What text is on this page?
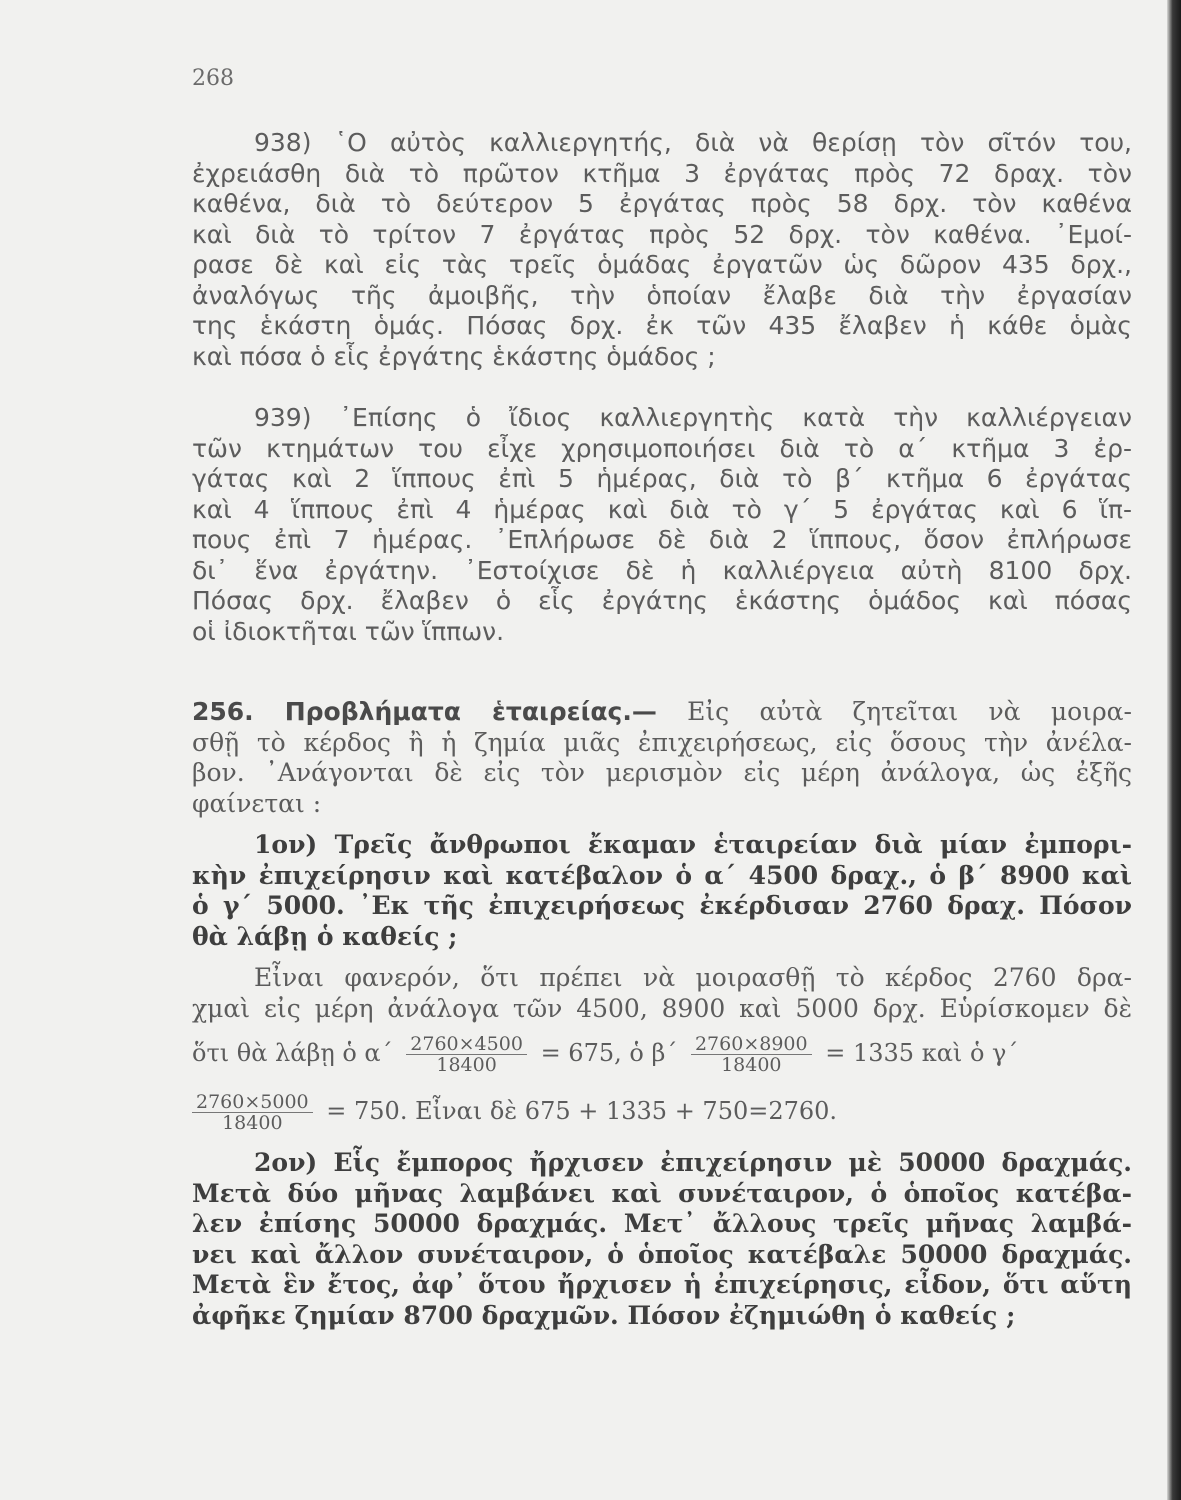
268
938) ῾Ο αὐτὸς καλλιεργητής, διὰ νὰ θερίσῃ τὸν σῖτόν του,
ἐχρειάσθη διὰ τὸ πρῶτον κτῆμα 3 ἐργάτας πρὸς 72 δραχ. τὸν
καθένα, διὰ τὸ δεύτερον 5 ἐργάτας πρὸς 58 δρχ. τὸν καθένα
καὶ διὰ τὸ τρίτον 7 ἐργάτας πρὸς 52 δρχ. τὸν καθένα. ᾿Εμοί-
ρασε δὲ καὶ εἰς τὰς τρεῖς ὁμάδας ἐργατῶν ὡς δῶρον 435 δρχ.,
ἀναλόγως τῆς ἀμοιβῆς, τὴν ὁποίαν ἔλαβε διὰ τὴν ἐργασίαν
της ἑκάστη ὁμάς. Πόσας δρχ. ἐκ τῶν 435 ἔλαβεν ἡ κάθε ὁμὰς
καὶ πόσα ὁ εἷς ἐργάτης ἑκάστης ὁμάδος ;
939) ᾿Επίσης ὁ ἴδιος καλλιεργητὴς κατὰ τὴν καλλιέργειαν
τῶν κτημάτων του εἶχε χρησιμοποιήσει διὰ τὸ α΄ κτῆμα 3 ἐρ-
γάτας καὶ 2 ἵππους ἐπὶ 5 ἡμέρας, διὰ τὸ β΄ κτῆμα 6 ἐργάτας
καὶ 4 ἵππους ἐπὶ 4 ἡμέρας καὶ διὰ τὸ γ΄ 5 ἐργάτας καὶ 6 ἵπ-
πους ἐπὶ 7 ἡμέρας. ᾿Επλήρωσε δὲ διὰ 2 ἵππους, ὅσον ἐπλήρωσε
δι᾿ ἕνα ἐργάτην. ᾿Εστοίχισε δὲ ἡ καλλιέργεια αὐτὴ 8100 δρχ.
Πόσας δρχ. ἔλαβεν ὁ εἷς ἐργάτης ἑκάστης ὁμάδος καὶ πόσας
οἱ ἰδιοκτῆται τῶν ἵππων.
256. Προβλήματα ἑταιρείας.— Εἰς αὐτὰ ζητεῖται νὰ μοιρα-
σθῇ τὸ κέρδος ἢ ἡ ζημία μιᾶς ἐπιχειρήσεως, εἰς ὅσους τὴν ἀνέλα-
βον. ᾿Ανάγονται δὲ εἰς τὸν μερισμὸν εἰς μέρη ἀνάλογα, ὡς ἐξῆς
φαίνεται :
1ον) Τρεῖς ἄνθρωποι ἔκαμαν ἑταιρείαν διὰ μίαν ἐμπορι-
κὴν ἐπιχείρησιν καὶ κατέβαλον ὁ α΄ 4500 δραχ., ὁ β΄ 8900 καὶ
ὁ γ΄ 5000. ᾿Εκ τῆς ἐπιχειρήσεως ἐκέρδισαν 2760 δραχ. Πόσον
θὰ λάβῃ ὁ καθείς ;
Εἶναι φανερόν, ὅτι πρέπει νὰ μοιρασθῇ τὸ κέρδος 2760 δρα-
χμαὶ εἰς μέρη ἀνάλογα τῶν 4500, 8900 καὶ 5000 δρχ. Εὑρίσκομεν δὲ
ὅτι θὰ λάβῃ ὁ $\alpha΄ \frac{2760\times 4500}{18400} = 675$, ὁ $\beta΄ \frac{2760\times 8900}{18400} = 1335$ καὶ ὁ γ΄
$\frac{2760\times 5000}{18400} = 750$. Εἶναι δὲ 675 + 1335 + 750=2760.
2ον) Εἷς ἔμπορος ἤρχισεν ἐπιχείρησιν μὲ 50000 δραχμάς.
Μετὰ δύο μῆνας λαμβάνει καὶ συνέταιρον, ὁ ὁποῖος κατέβα-
λεν ἐπίσης 50000 δραχμάς. Μετ᾿ ἄλλους τρεῖς μῆνας λαμβά-
νει καὶ ἄλλον συνέταιρον, ὁ ὁποῖος κατέβαλε 50000 δραχμάς.
Μετὰ ἓν ἔτος, ἀφ᾿ ὅτου ἤρχισεν ἡ ἐπιχείρησις, εἶδον, ὅτι αὕτη
ἀφῆκε ζημίαν 8700 δραχμῶν. Πόσον ἐζημιώθη ὁ καθείς ;
